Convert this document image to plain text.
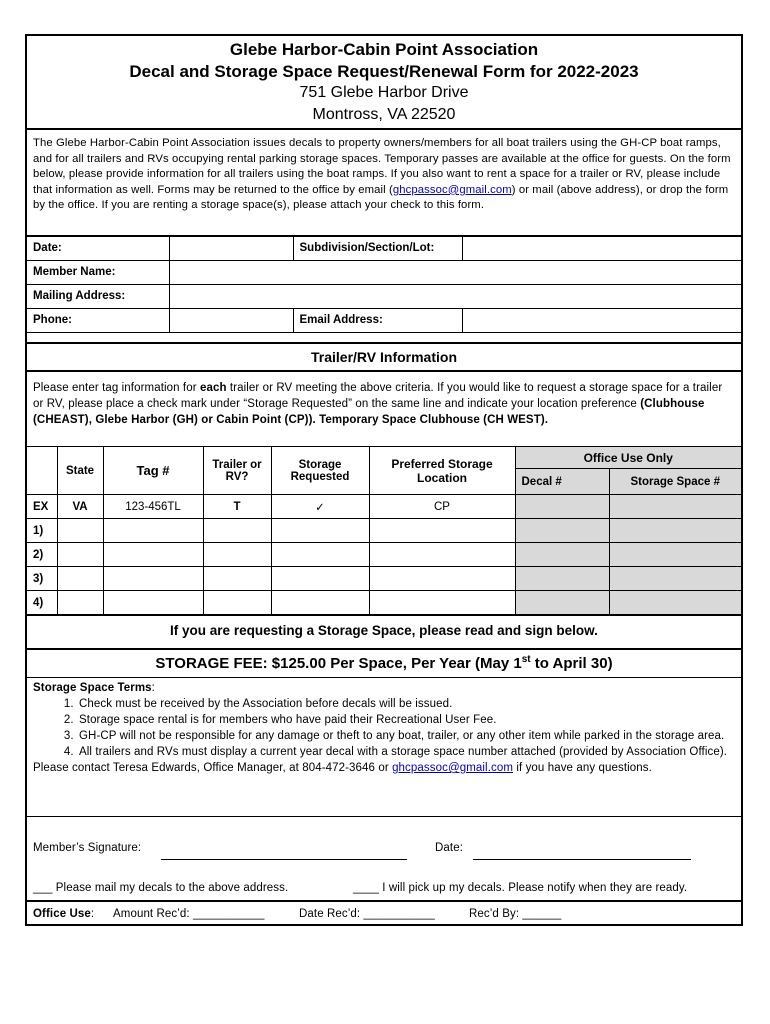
Glebe Harbor-Cabin Point Association
Decal and Storage Space Request/Renewal Form for 2022-2023
751 Glebe Harbor Drive
Montross, VA 22520
The Glebe Harbor-Cabin Point Association issues decals to property owners/members for all boat trailers using the GH-CP boat ramps, and for all trailers and RVs occupying rental parking storage spaces. Temporary passes are available at the office for guests. On the form below, please provide information for all trailers using the boat ramps. If you also want to rent a space for a trailer or RV, please include that information as well. Forms may be returned to the office by email (ghcpassoc@gmail.com) or mail (above address), or drop the form by the office. If you are renting a storage space(s), please attach your check to this form.
Date:		Subdivision/Section/Lot:	
Member Name:			
Mailing Address:			
Phone:		Email Address:	
Trailer/RV Information
Please enter tag information for each trailer or RV meeting the above criteria. If you would like to request a storage space for a trailer or RV, please place a check mark under “Storage Requested” on the same line and indicate your location preference (Clubhouse (CHEAST), Glebe Harbor (GH) or Cabin Point (CP)). Temporary Space Clubhouse (CH WEST).
	State	Tag #	Trailer or RV?	Storage Requested	Preferred Storage Location	Office Use Only	
						Decal #	Storage Space #
EX	VA	123-456TL	T	✓	CP		
1)							
2)							
3)							
4)							
If you are requesting a Storage Space, please read and sign below.
STORAGE FEE: $125.00 Per Space, Per Year (May 1st to April 30)
Storage Space Terms:
1. Check must be received by the Association before decals will be issued.
2. Storage space rental is for members who have paid their Recreational User Fee.
3. GH-CP will not be responsible for any damage or theft to any boat, trailer, or any other item while parked in the storage area.
4. All trailers and RVs must display a current year decal with a storage space number attached (provided by Association Office).
Please contact Teresa Edwards, Office Manager, at 804-472-3646 or ghcpassoc@gmail.com if you have any questions.
Member’s Signature:	Date:
___ Please mail my decals to the above address.	____ I will pick up my decals. Please notify when they are ready.
Office Use: Amount Rec’d: ___________	Date Rec’d: ___________	Rec’d By: ______
